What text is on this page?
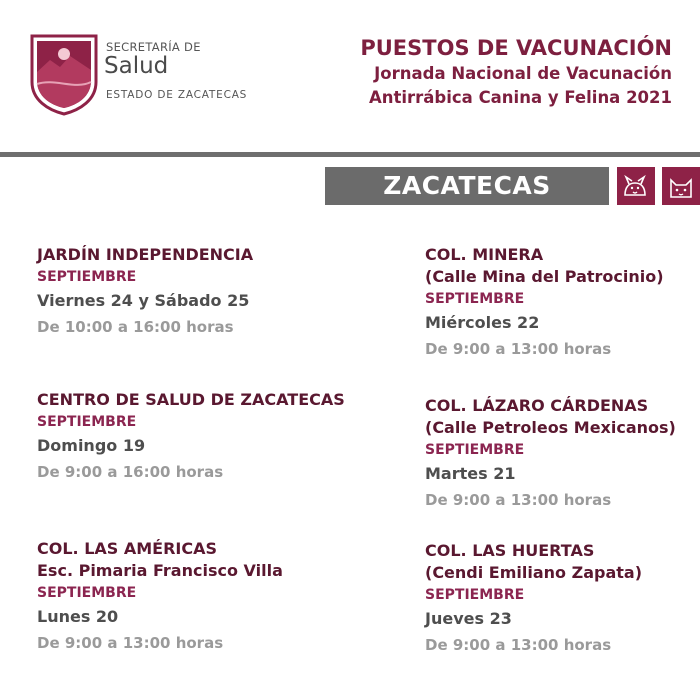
SECRETARÍA DE
Salud
ESTADO DE ZACATECAS
PUESTOS DE VACUNACIÓN
Jornada Nacional de Vacunación
Antirrábica Canina y Felina 2021
ZACATECAS
JARDÍN INDEPENDENCIA
SEPTIEMBRE
Viernes 24 y Sábado 25
De 10:00 a 16:00 horas
CENTRO DE SALUD DE ZACATECAS
SEPTIEMBRE
Domingo 19
De 9:00 a 16:00 horas
COL. LAS AMÉRICAS
Esc. Pimaria Francisco Villa
SEPTIEMBRE
Lunes 20
De 9:00 a 13:00 horas
COL. MINERA
(Calle Mina del Patrocinio)
SEPTIEMBRE
Miércoles 22
De 9:00 a 13:00 horas
COL. LÁZARO CÁRDENAS
(Calle Petroleos Mexicanos)
SEPTIEMBRE
Martes 21
De 9:00 a 13:00 horas
COL. LAS HUERTAS
(Cendi Emiliano Zapata)
SEPTIEMBRE
Jueves 23
De 9:00 a 13:00 horas
